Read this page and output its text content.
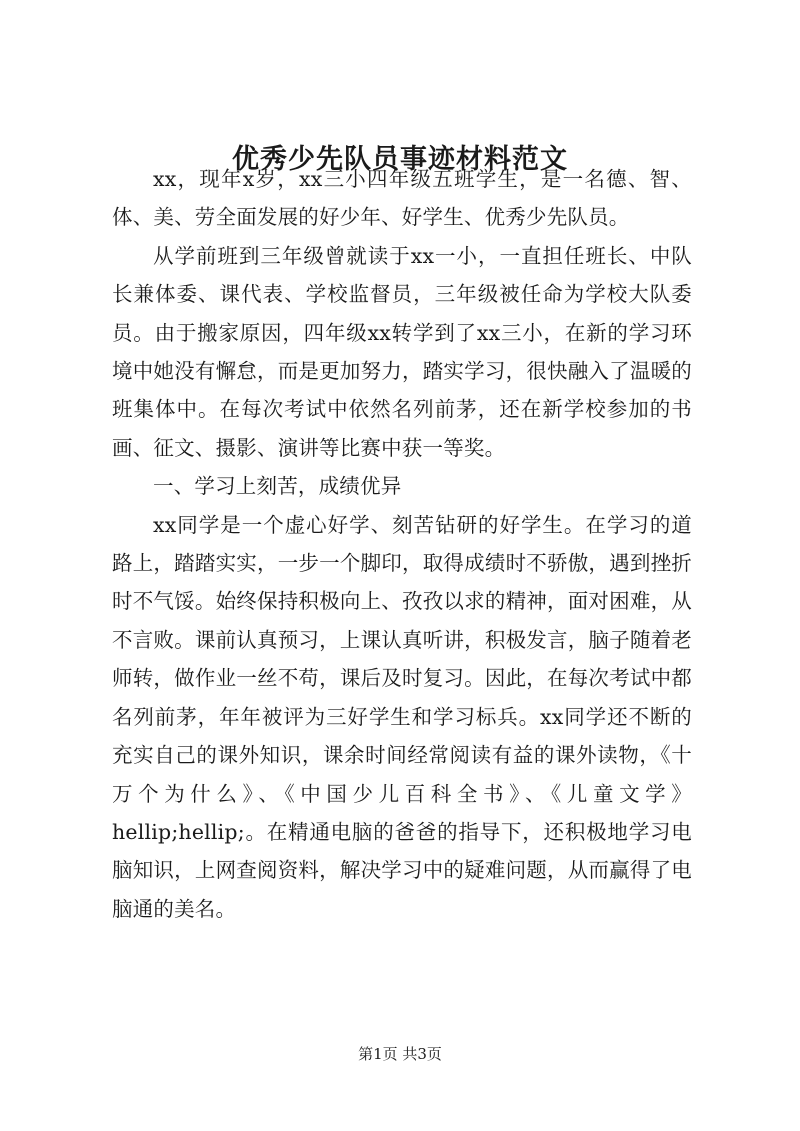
优秀少先队员事迹材料范文

xx，现年x岁，xx三小四年级五班学生，是一名德、智、体、美、劳全面发展的好少年、好学生、优秀少先队员。

从学前班到三年级曾就读于xx一小，一直担任班长、中队长兼体委、课代表、学校监督员，三年级被任命为学校大队委员。由于搬家原因，四年级xx转学到了xx三小，在新的学习环境中她没有懈怠，而是更加努力，踏实学习，很快融入了温暖的班集体中。在每次考试中依然名列前茅，还在新学校参加的书画、征文、摄影、演讲等比赛中获一等奖。

一、学习上刻苦，成绩优异

xx同学是一个虚心好学、刻苦钻研的好学生。在学习的道路上，踏踏实实，一步一个脚印，取得成绩时不骄傲，遇到挫折时不气馁。始终保持积极向上、孜孜以求的精神，面对困难，从不言败。课前认真预习，上课认真听讲，积极发言，脑子随着老师转，做作业一丝不苟，课后及时复习。因此，在每次考试中都名列前茅，年年被评为三好学生和学习标兵。xx同学还不断的充实自己的课外知识，课余时间经常阅读有益的课外读物，《十万个为什么》、《中国少儿百科全书》、《儿童文学》hellip;hellip;。在精通电脑的爸爸的指导下，还积极地学习电脑知识，上网查阅资料，解决学习中的疑难问题，从而赢得了电脑通的美名。

第1页 共3页
